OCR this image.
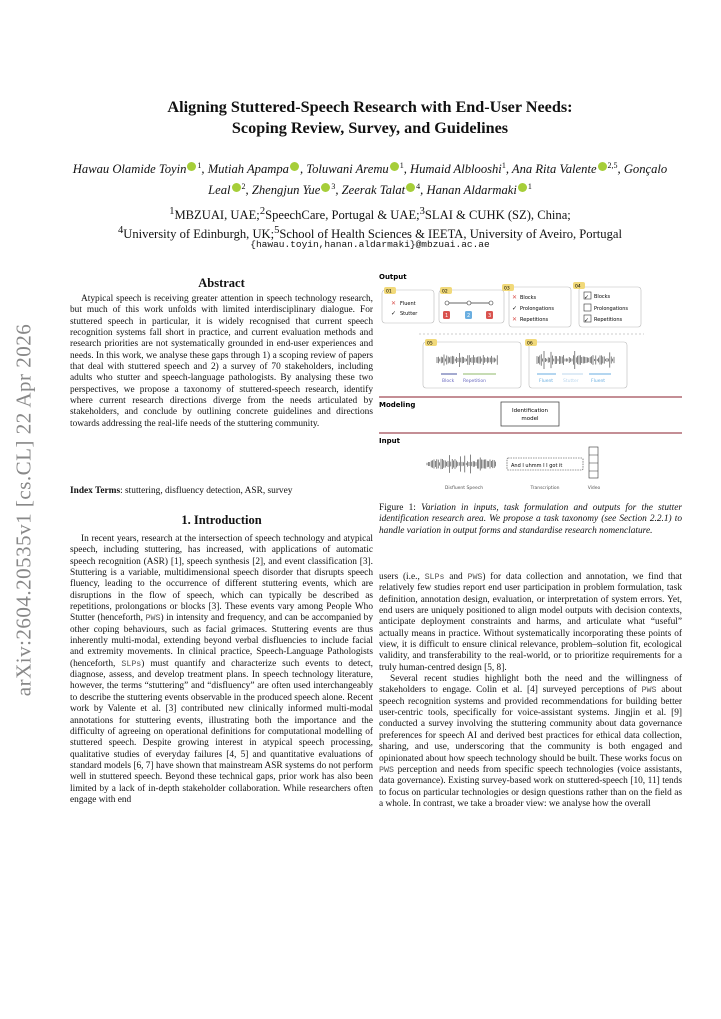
arXiv:2604.20535v1 [cs.CL] 22 Apr 2026
Aligning Stuttered-Speech Research with End-User Needs:
Scoping Review, Survey, and Guidelines
Hawau Olamide Toyin $^1$, Mutiah Apampa , Toluwani Aremu $^1$, Humaid Alblooshi$^1$, Ana Rita Valente $^{2,5}$, Gonçalo Leal $^2$, Zhengjun Yue $^3$, Zeerak Talat $^4$, Hanan Aldarmaki $^1$
$^1$MBZUAI, UAE;$^2$SpeechCare, Portugal & UAE;$^3$SLAI & CUHK (SZ), China;
$^4$University of Edinburgh, UK;$^5$School of Health Sciences & IEETA, University of Aveiro, Portugal
{hawau.toyin,hanan.aldarmaki}@mbzuai.ac.ae
Abstract

Atypical speech is receiving greater attention in speech technology research, but much of this work unfolds with limited interdisciplinary dialogue. For stuttered speech in particular, it is widely recognised that current speech recognition systems fall short in practice, and current evaluation methods and research priorities are not systematically grounded in end-user experiences and needs. In this work, we analyse these gaps through 1) a scoping review of papers that deal with stuttered speech and 2) a survey of 70 stakeholders, including adults who stutter and speech-language pathologists. By analysing these two perspectives, we propose a taxonomy of stuttered-speech research, identify where current research directions diverge from the needs articulated by stakeholders, and conclude by outlining concrete guidelines and directions towards addressing the real-life needs of the stuttering community.

Index Terms: stuttering, disfluency detection, ASR, survey
1. Introduction

In recent years, research at the intersection of speech technology and atypical speech, including stuttering, has increased, with applications of automatic speech recognition (ASR) [1], speech synthesis [2], and event classification [3]. Stuttering is a variable, multidimensional speech disorder that disrupts speech fluency, leading to the occurrence of different stuttering events, which are disruptions in the flow of speech, which can typically be described as repetitions, prolongations or blocks [3]. These events vary among People Who Stutter (henceforth, PWS) in intensity and frequency, and can be accompanied by other coping behaviours, such as facial grimaces. Stuttering events are thus inherently multi-modal, extending beyond verbal disfluencies to include facial and extremity movements. In clinical practice, Speech-Language Pathologists (henceforth, SLPs) must quantify and characterize such events to detect, diagnose, assess, and develop treatment plans. In speech technology literature, however, the terms “stuttering” and “disfluency” are often used interchangeably to describe the stuttering events observable in the produced speech alone. Recent work by Valente et al. [3] contributed new clinically informed multi-modal annotations for stuttering events, illustrating both the importance and the difficulty of agreeing on operational definitions for computational modelling of stuttered speech. Despite growing interest in atypical speech processing, qualitative studies of everyday failures [4, 5] and quantitative evaluations of standard models [6, 7] have shown that mainstream ASR systems do not perform well in stuttered speech. Beyond these technical gaps, prior work has also been limited by a lack of in-depth stakeholder collaboration. While researchers often engage with end

Output
01
✕ Fluent
✓ Stutter
02
1	2	3
03
✕ Blocks
✓ Prolongations
✕ Repetitions
04
✓ Blocks
Prolongations
✓ Repetitions
05
Block Repetition
06
Fluent Stutter	Fluent
Modeling
Identification
model
Input
And I uhmm I I got it
Disfluent Speech	Transcription	Video
Figure 1: Variation in inputs, task formulation and outputs for the stutter identification research area. We propose a task taxonomy (see Section 2.2.1) to handle variation in output forms and standardise research nomenclature.

users (i.e., SLPs and PWS) for data collection and annotation, we find that relatively few studies report end user participation in problem formulation, task definition, annotation design, evaluation, or interpretation of system errors. Yet, end users are uniquely positioned to align model outputs with decision contexts, anticipate deployment constraints and harms, and articulate what “useful” actually means in practice. Without systematically incorporating these points of view, it is difficult to ensure clinical relevance, problem–solution fit, ecological validity, and transferability to the real-world, or to prioritize requirements for a truly human-centred design [5, 8].

Several recent studies highlight both the need and the willingness of stakeholders to engage. Colin et al. [4] surveyed perceptions of PWS about speech recognition systems and provided recommendations for building better user-centric tools, specifically for voice-assistant systems. Jingjin et al. [9] conducted a survey involving the stuttering community about data governance preferences for speech AI and derived best practices for ethical data collection, sharing, and use, underscoring that the community is both engaged and opinionated about how speech technology should be built. These works focus on PWS perception and needs from specific speech technologies (voice assistants, data governance). Existing survey-based work on stuttered-speech [10, 11] tends to focus on particular technologies or design questions rather than on the field as a whole. In contrast, we take a broader view: we analyse how the overall
